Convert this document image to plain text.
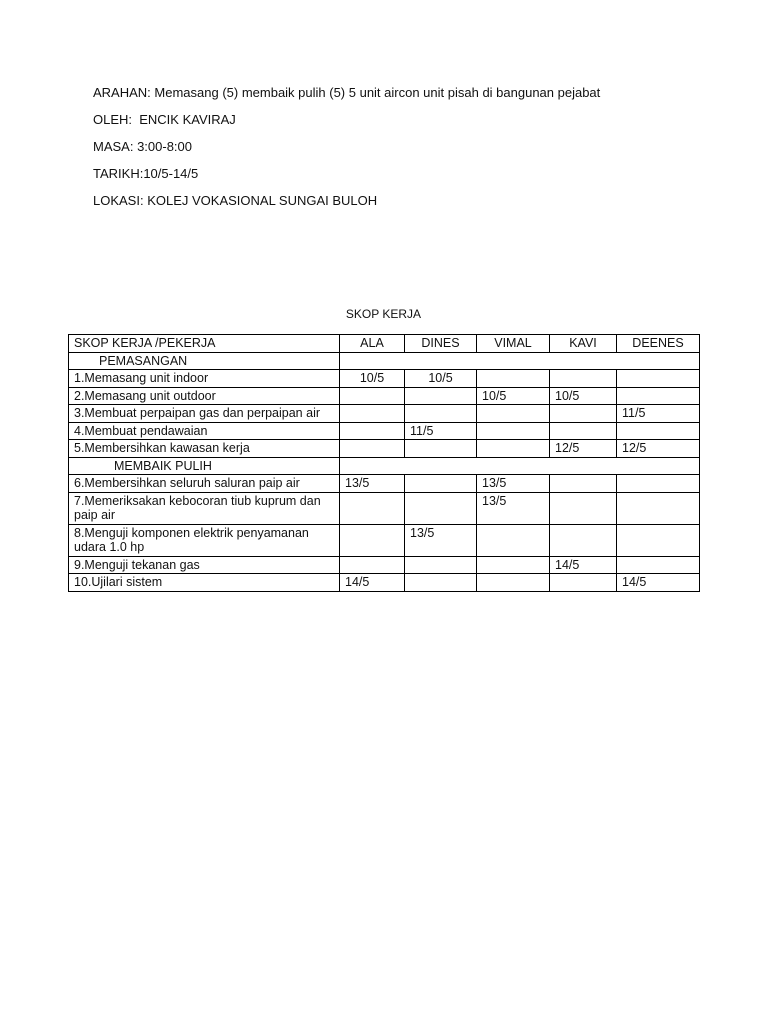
ARAHAN: Memasang (5) membaik pulih (5) 5 unit aircon unit pisah di bangunan pejabat

OLEH:  ENCIK KAVIRAJ

MASA: 3:00-8:00

TARIKH:10/5-14/5

LOKASI: KOLEJ VOKASIONAL SUNGAI BULOH

SKOP KERJA
SKOP KERJA /PEKERJA	ALA	DINES	VIMAL	KAVI	DEENES
PEMASANGAN					
1.Memasang unit indoor	10/5	10/5			
2.Memasang unit outdoor			10/5	10/5	
3.Membuat perpaipan gas dan perpaipan air					11/5
4.Membuat pendawaian		11/5			
5.Membersihkan kawasan kerja				12/5	12/5
MEMBAIK PULIH					
6.Membersihkan seluruh saluran paip air	13/5		13/5		
7.Memeriksakan kebocoran tiub kuprum dan paip air			13/5		
8.Menguji komponen elektrik penyamanan udara 1.0 hp		13/5			
9.Menguji tekanan gas				14/5	
10.Ujilari sistem	14/5				14/5
